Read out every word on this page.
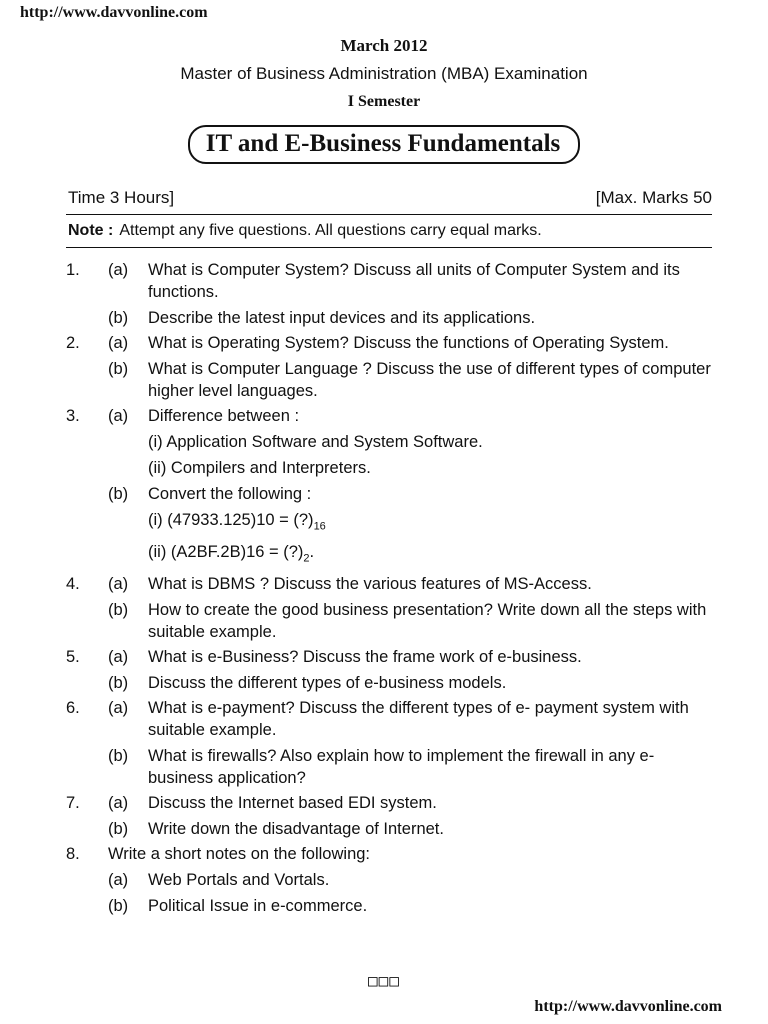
http://www.davvonline.com
March 2012
Master of Business Administration (MBA) Examination
I Semester
IT and E-Business Fundamentals
Time 3 Hours]	[Max. Marks 50
Note : Attempt any five questions. All questions carry equal marks.
1. (a) What is Computer System? Discuss all units of Computer System and its functions.
(b) Describe the latest input devices and its applications.
2. (a) What is Operating System? Discuss the functions of Operating System.
(b) What is Computer Language ? Discuss the use of different types of computer higher level languages.
3. (a) Difference between :
(i) Application Software and System Software.
(ii) Compilers and Interpreters.
(b) Convert the following :
(i) $(47933.125)10 = (?)_{16}$
(ii) $(A2BF.2B)16 = (?)_2$.
4. (a) What is DBMS ? Discuss the various features of MS-Access.
(b) How to create the good business presentation? Write down all the steps with suitable example.
5. (a) What is e-Business? Discuss the frame work of e-business.
(b) Discuss the different types of e-business models.
6. (a) What is e-payment? Discuss the different types of e- payment system with suitable example.
(b) What is firewalls? Also explain how to implement the firewall in any e-business application?
7. (a) Discuss the Internet based EDI system.
(b) Write down the disadvantage of Internet.
8. Write a short notes on the following:
(a) Web Portals and Vortals.
(b) Political Issue in e-commerce.
□□□
http://www.davvonline.com
